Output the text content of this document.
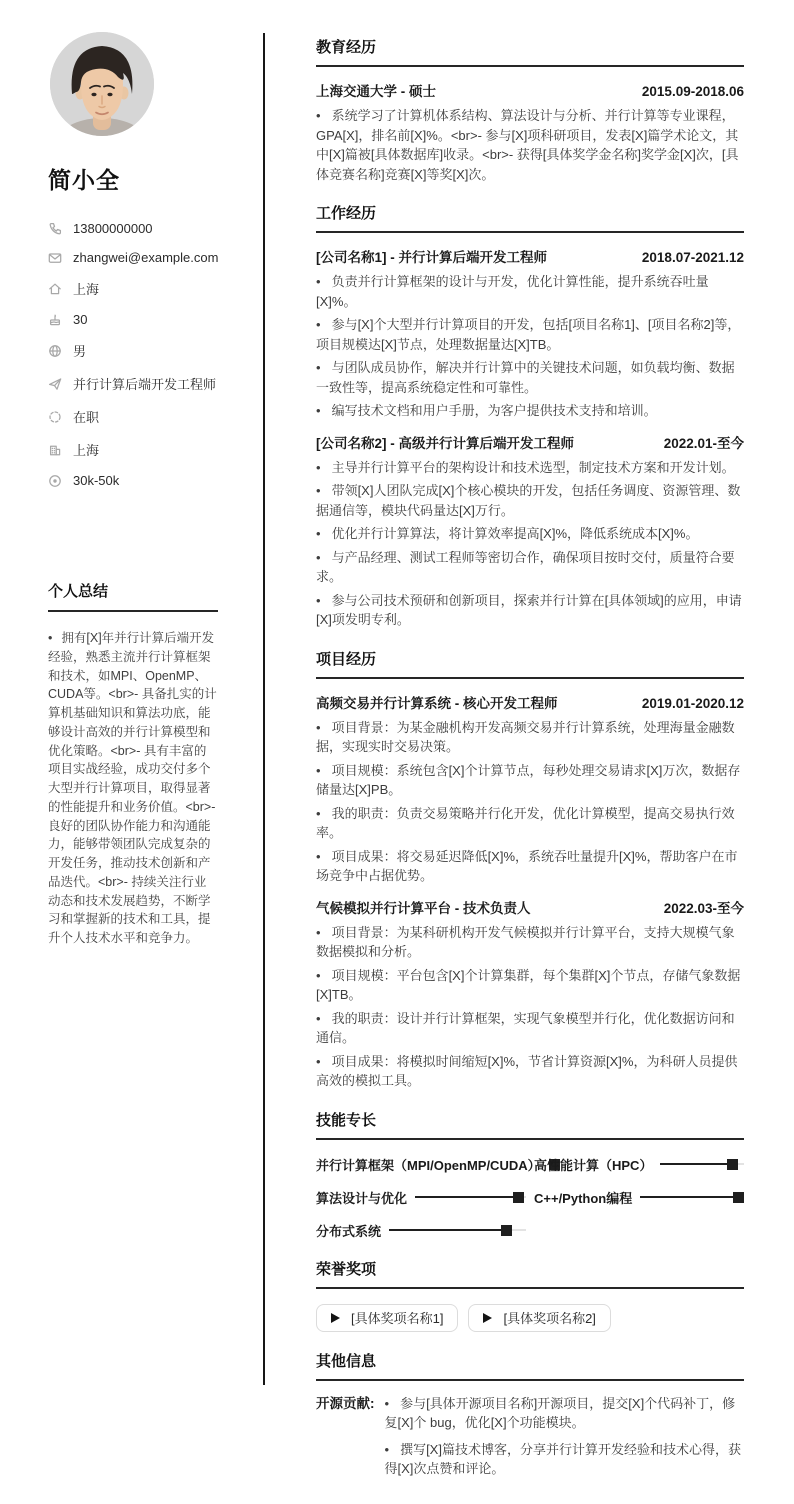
简小全
13800000000
zhangwei@example.com
上海
30
男
并行计算后端开发工程师
在职
上海
30k-50k
个人总结

• 拥有[X]年并行计算后端开发经验，熟悉主流并行计算框架和技术，如MPI、OpenMP、CUDA等。<br>- 具备扎实的计算机基础知识和算法功底，能够设计高效的并行计算模型和优化策略。<br>- 具有丰富的项目实战经验，成功交付多个大型并行计算项目，取得显著的性能提升和业务价值。<br>- 良好的团队协作能力和沟通能力，能够带领团队完成复杂的开发任务，推动技术创新和产品迭代。<br>- 持续关注行业动态和技术发展趋势，不断学习和掌握新的技术和工具，提升个人技术水平和竞争力。

教育经历
上海交通大学 - 硕士	2015.09-2018.06

• 系统学习了计算机体系结构、算法设计与分析、并行计算等专业课程，GPA[X]，排名前[X]%。<br>- 参与[X]项科研项目，发表[X]篇学术论文，其中[X]篇被[具体数据库]收录。<br>- 获得[具体奖学金名称]奖学金[X]次，[具体竞赛名称]竞赛[X]等奖[X]次。

工作经历
[公司名称1] - 并行计算后端开发工程师	2018.07-2021.12

• 负责并行计算框架的设计与开发，优化计算性能，提升系统吞吐量[X]%。

• 参与[X]个大型并行计算项目的开发，包括[项目名称1]、[项目名称2]等，项目规模达[X]节点，处理数据量达[X]TB。

• 与团队成员协作，解决并行计算中的关键技术问题，如负载均衡、数据一致性等，提高系统稳定性和可靠性。

• 编写技术文档和用户手册，为客户提供技术支持和培训。

[公司名称2] - 高级并行计算后端开发工程师	2022.01-至今

• 主导并行计算平台的架构设计和技术选型，制定技术方案和开发计划。

• 带领[X]人团队完成[X]个核心模块的开发，包括任务调度、资源管理、数据通信等，模块代码量达[X]万行。

• 优化并行计算算法，将计算效率提高[X]%，降低系统成本[X]%。

• 与产品经理、测试工程师等密切合作，确保项目按时交付，质量符合要求。

• 参与公司技术预研和创新项目，探索并行计算在[具体领域]的应用，申请[X]项发明专利。

项目经历
高频交易并行计算系统 - 核心开发工程师	2019.01-2020.12

• 项目背景：为某金融机构开发高频交易并行计算系统，处理海量金融数据，实现实时交易决策。

• 项目规模：系统包含[X]个计算节点，每秒处理交易请求[X]万次，数据存储量达[X]PB。

• 我的职责：负责交易策略并行化开发，优化计算模型，提高交易执行效率。

• 项目成果：将交易延迟降低[X]%，系统吞吐量提升[X]%，帮助客户在市场竞争中占据优势。

气候模拟并行计算平台 - 技术负责人	2022.03-至今

• 项目背景：为某科研机构开发气候模拟并行计算平台，支持大规模气象数据模拟和分析。

• 项目规模：平台包含[X]个计算集群，每个集群[X]个节点，存储气象数据[X]TB。

• 我的职责：设计并行计算框架，实现气象模型并行化，优化数据访问和通信。

• 项目成果：将模拟时间缩短[X]%，节省计算资源[X]%，为科研人员提供高效的模拟工具。

技能专长
并行计算框架（MPI/OpenMP/CUDA）
高性能计算（HPC）
算法设计与优化	C++/Python编程
分布式系统
荣誉奖项
[具体奖项名称1]	[具体奖项名称2]
其他信息
开源贡献:	• 参与[具体开源项目名称]开源项目，提交[X]个代码补丁，修复[X]个 bug，优化[X]个功能模块。

• 撰写[X]篇技术博客，分享并行计算开发经验和技术心得，获得[X]次点赞和评论。
